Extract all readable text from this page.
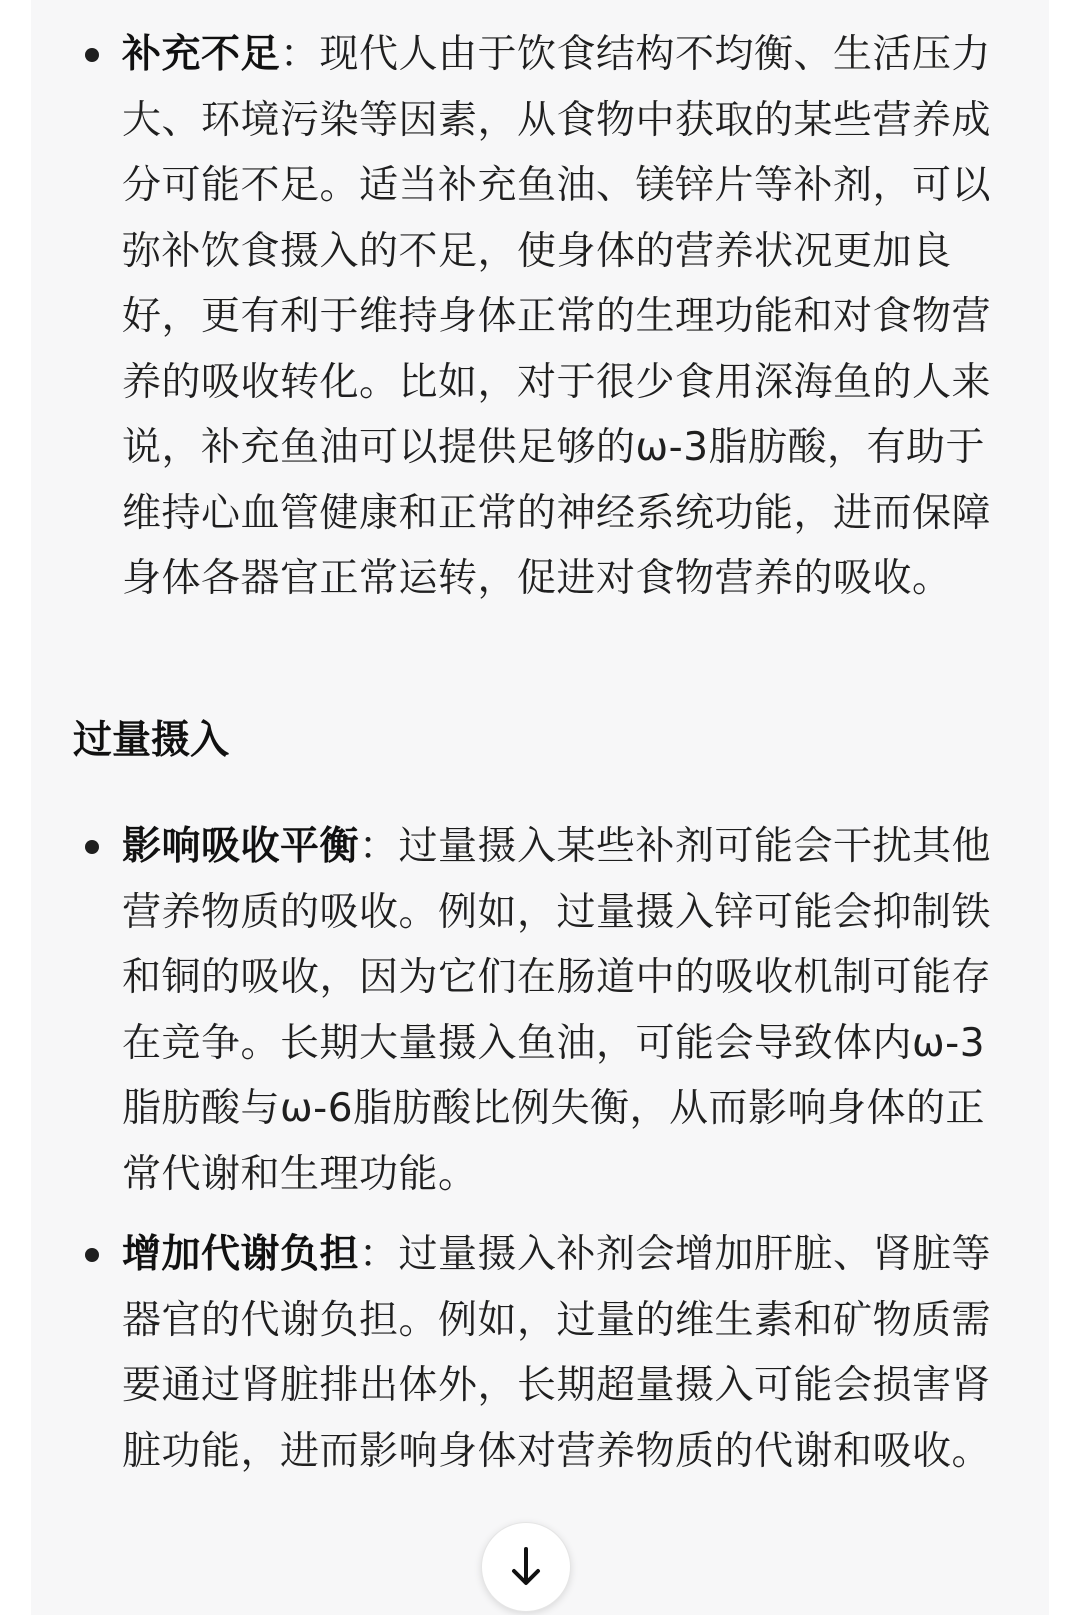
补充不足：现代人由于饮食结构不均衡、生活压力大、环境污染等因素，从食物中获取的某些营养成分可能不足。适当补充鱼油、镁锌片等补剂，可以弥补饮食摄入的不足，使身体的营养状况更加良好，更有利于维持身体正常的生理功能和对食物营养的吸收转化。比如，对于很少食用深海鱼的人来说，补充鱼油可以提供足够的ω-3脂肪酸，有助于维持心血管健康和正常的神经系统功能，进而保障身体各器官正常运转，促进对食物营养的吸收。
过量摄入
影响吸收平衡：过量摄入某些补剂可能会干扰其他营养物质的吸收。例如，过量摄入锌可能会抑制铁和铜的吸收，因为它们在肠道中的吸收机制可能存在竞争。长期大量摄入鱼油，可能会导致体内ω-3脂肪酸与ω-6脂肪酸比例失衡，从而影响身体的正常代谢和生理功能。
增加代谢负担：过量摄入补剂会增加肝脏、肾脏等器官的代谢负担。例如，过量的维生素和矿物质需要通过肾脏排出体外，长期超量摄入可能会损害肾脏功能，进而影响身体对营养物质的代谢和吸收。
